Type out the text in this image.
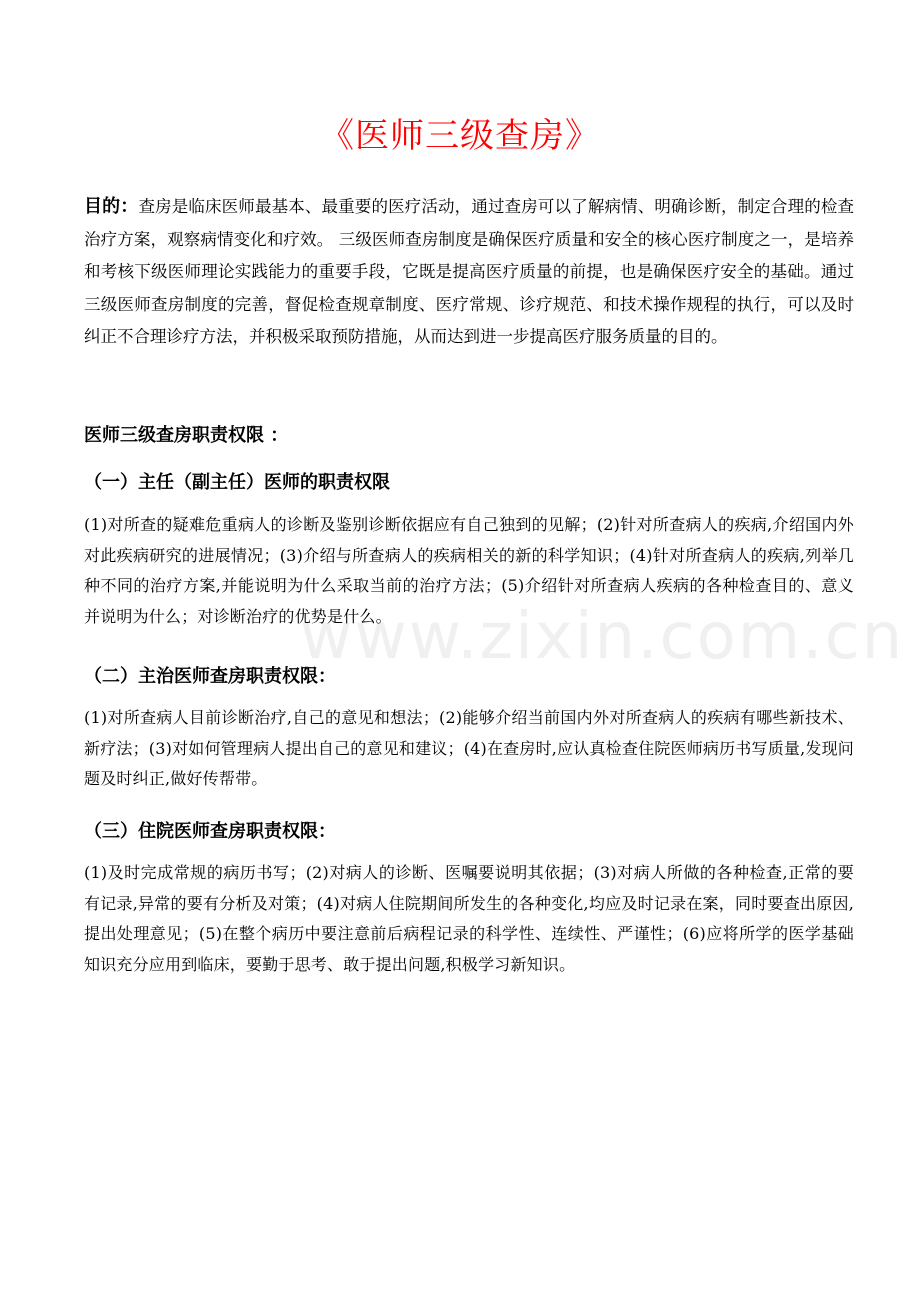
www.zixin.com.cn
《医师三级查房》

目的：查房是临床医师最基本、最重要的医疗活动，通过查房可以了解病情、明确诊断，制定合理的检查治疗方案，观察病情变化和疗效。 三级医师查房制度是确保医疗质量和安全的核心医疗制度之一，是培养和考核下级医师理论实践能力的重要手段，它既是提高医疗质量的前提，也是确保医疗安全的基础。通过三级医师查房制度的完善，督促检查规章制度、医疗常规、诊疗规范、和技术操作规程的执行，可以及时纠正不合理诊疗方法，并积极采取预防措施，从而达到进一步提高医疗服务质量的目的。

医师三级查房职责权限 ：
（一）主任（副主任）医师的职责权限

(1)对所查的疑难危重病人的诊断及鉴别诊断依据应有自己独到的见解；(2)针对所查病人的疾病,介绍国内外对此疾病研究的进展情况；(3)介绍与所查病人的疾病相关的新的科学知识；(4)针对所查病人的疾病,列举几种不同的治疗方案,并能说明为什么采取当前的治疗方法；(5)介绍针对所查病人疾病的各种检查目的、意义并说明为什么；对诊断治疗的优势是什么。

（二）主治医师查房职责权限：

(1)对所查病人目前诊断治疗,自己的意见和想法；(2)能够介绍当前国内外对所查病人的疾病有哪些新技术、新疗法；(3)对如何管理病人提出自己的意见和建议；(4)在查房时,应认真检查住院医师病历书写质量,发现问题及时纠正,做好传帮带。

（三）住院医师查房职责权限：

(1)及时完成常规的病历书写；(2)对病人的诊断、医嘱要说明其依据；(3)对病人所做的各种检查,正常的要有记录,异常的要有分析及对策；(4)对病人住院期间所发生的各种变化,均应及时记录在案，同时要查出原因,提出处理意见；(5)在整个病历中要注意前后病程记录的科学性、连续性、严谨性；(6)应将所学的医学基础知识充分应用到临床，要勤于思考、敢于提出问题,积极学习新知识。
